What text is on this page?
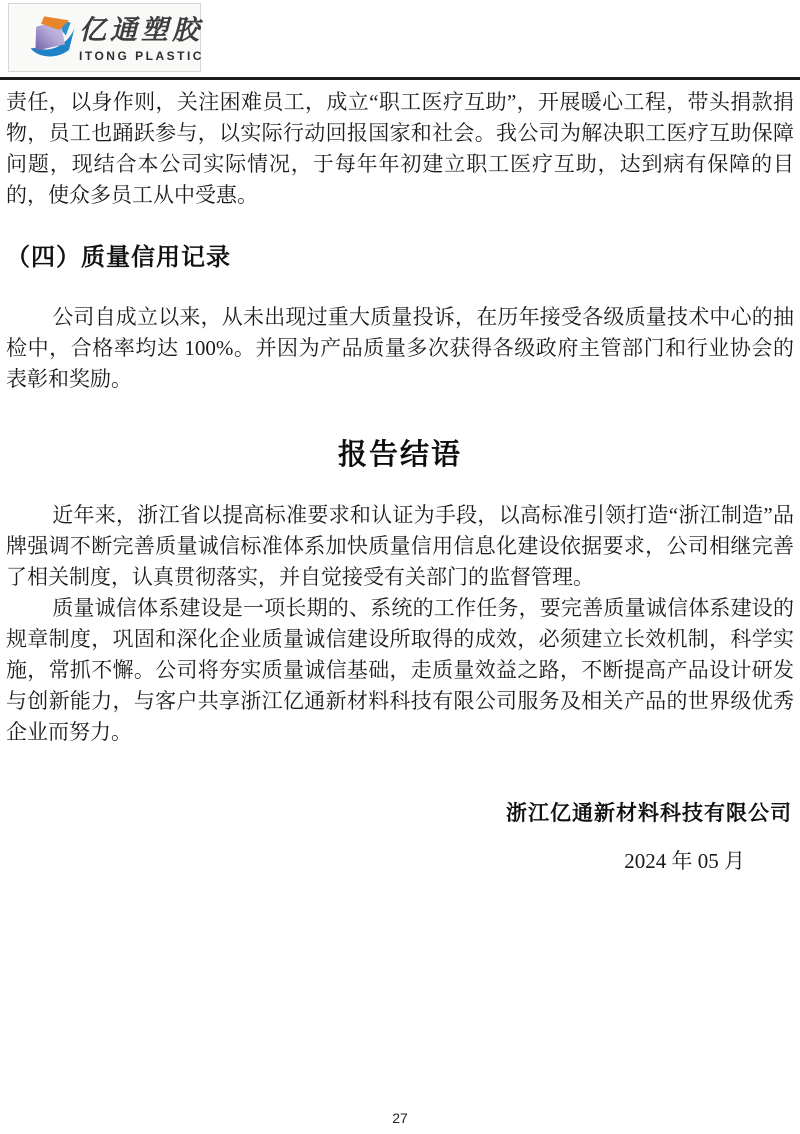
亿通塑胶
ITONG PLASTIC

责任，以身作则，关注困难员工，成立“职工医疗互助”，开展暖心工程，带头捐款捐物，员工也踊跃参与，以实际行动回报国家和社会。我公司为解决职工医疗互助保障问题，现结合本公司实际情况，于每年年初建立职工医疗互助，达到病有保障的目的，使众多员工从中受惠。

（四）质量信用记录

公司自成立以来，从未出现过重大质量投诉，在历年接受各级质量技术中心的抽检中，合格率均达 100%。并因为产品质量多次获得各级政府主管部门和行业协会的表彰和奖励。

报告结语

近年来，浙江省以提高标准要求和认证为手段，以高标准引领打造“浙江制造”品牌强调不断完善质量诚信标准体系加快质量信用信息化建设依据要求，公司相继完善了相关制度，认真贯彻落实，并自觉接受有关部门的监督管理。

质量诚信体系建设是一项长期的、系统的工作任务，要完善质量诚信体系建设的规章制度，巩固和深化企业质量诚信建设所取得的成效，必须建立长效机制，科学实施，常抓不懈。公司将夯实质量诚信基础，走质量效益之路，不断提高产品设计研发与创新能力，与客户共享浙江亿通新材料科技有限公司服务及相关产品的世界级优秀企业而努力。

浙江亿通新材料科技有限公司
2024 年 05 月
27
